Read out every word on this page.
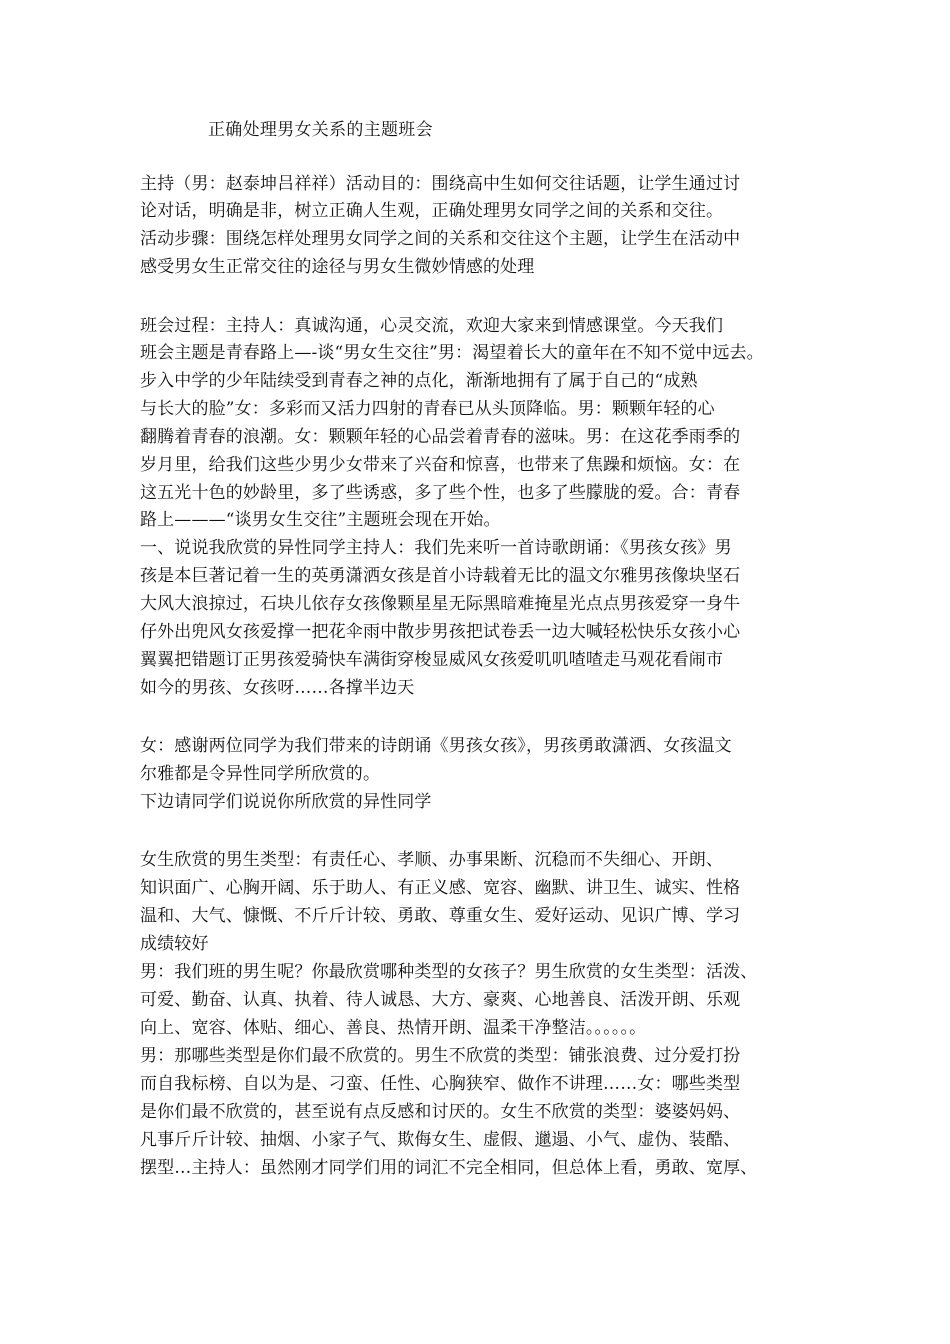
正确处理男女关系的主题班会
主持（男：赵泰坤吕祥祥）活动目的：围绕高中生如何交往话题，让学生通过讨
论对话，明确是非，树立正确人生观，正确处理男女同学之间的关系和交往。
活动步骤：围绕怎样处理男女同学之间的关系和交往这个主题，让学生在活动中
感受男女生正常交往的途径与男女生微妙情感的处理
班会过程：主持人：真诚沟通，心灵交流，欢迎大家来到情感课堂。今天我们
班会主题是青春路上—-谈“男女生交往”男：渴望着长大的童年在不知不觉中远去。
步入中学的少年陆续受到青春之神的点化，渐渐地拥有了属于自己的“成熟
与长大的脸”女：多彩而又活力四射的青春已从头顶降临。男：颗颗年轻的心
翻腾着青春的浪潮。女：颗颗年轻的心品尝着青春的滋味。男：在这花季雨季的
岁月里，给我们这些少男少女带来了兴奋和惊喜，也带来了焦躁和烦恼。女：在
这五光十色的妙龄里，多了些诱惑，多了些个性，也多了些朦胧的爱。合：青春
路上———“谈男女生交往”主题班会现在开始。
一、说说我欣赏的异性同学主持人：我们先来听一首诗歌朗诵：《男孩女孩》男
孩是本巨著记着一生的英勇潇洒女孩是首小诗载着无比的温文尔雅男孩像块坚石
大风大浪掠过，石块儿依存女孩像颗星星无际黑暗难掩星光点点男孩爱穿一身牛
仔外出兜风女孩爱撑一把花伞雨中散步男孩把试卷丢一边大喊轻松快乐女孩小心
翼翼把错题订正男孩爱骑快车满街穿梭显威风女孩爱叽叽喳喳走马观花看闹市
如今的男孩、女孩呀……各撑半边天
女：感谢两位同学为我们带来的诗朗诵《男孩女孩》，男孩勇敢潇洒、女孩温文
尔雅都是令异性同学所欣赏的。
下边请同学们说说你所欣赏的异性同学
女生欣赏的男生类型：有责任心、孝顺、办事果断、沉稳而不失细心、开朗、
知识面广、心胸开阔、乐于助人、有正义感、宽容、幽默、讲卫生、诚实、性格
温和、大气、慷慨、不斤斤计较、勇敢、尊重女生、爱好运动、见识广博、学习
成绩较好
男：我们班的男生呢？你最欣赏哪种类型的女孩子？男生欣赏的女生类型：活泼、
可爱、勤奋、认真、执着、待人诚恳、大方、豪爽、心地善良、活泼开朗、乐观
向上、宽容、体贴、细心、善良、热情开朗、温柔干净整洁。。。。。。
男：那哪些类型是你们最不欣赏的。男生不欣赏的类型：铺张浪费、过分爱打扮
而自我标榜、自以为是、刁蛮、任性、心胸狭窄、做作不讲理……女：哪些类型
是你们最不欣赏的，甚至说有点反感和讨厌的。女生不欣赏的类型：婆婆妈妈、
凡事斤斤计较、抽烟、小家子气、欺侮女生、虚假、邋遢、小气、虚伪、装酷、
摆型…主持人：虽然刚才同学们用的词汇不完全相同，但总体上看，勇敢、宽厚、
